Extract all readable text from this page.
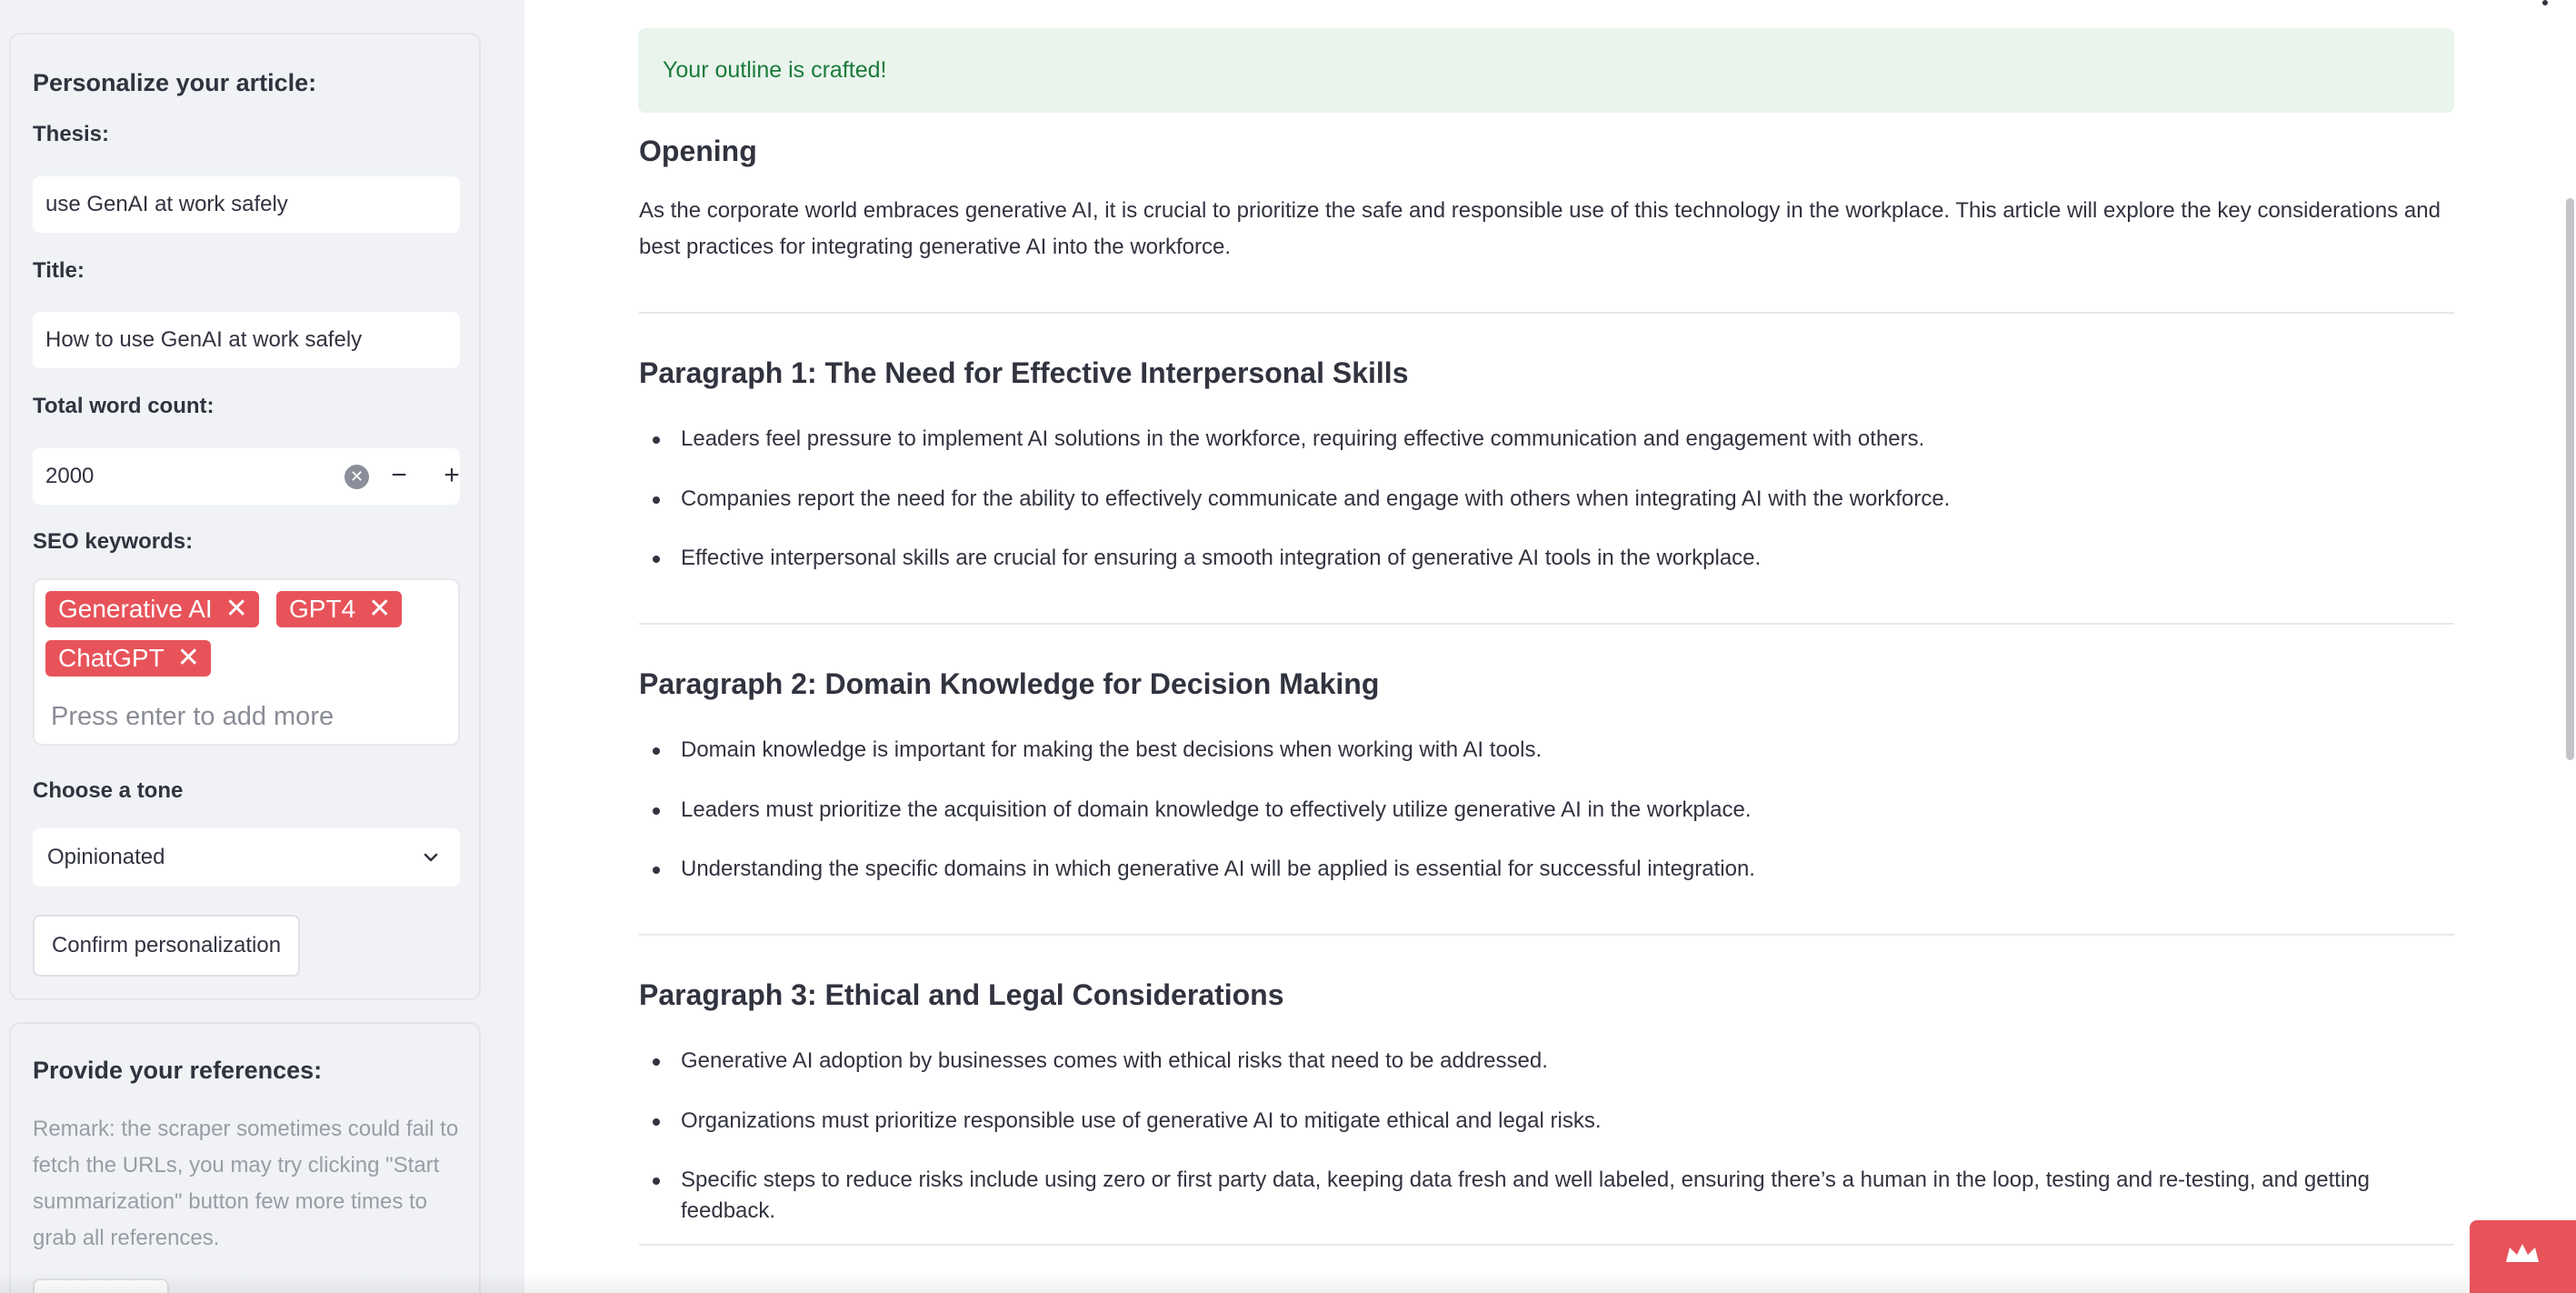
Personalize your article:
Thesis:
use GenAI at work safely
Title:
How to use GenAI at work safely
Total word count:
2000	✕	−	+
SEO keywords:
Generative AI ✕ GPT4 ✕
ChatGPT ✕
Press enter to add more
Choose a tone
Opinionated
Confirm personalization
Provide your references:
Remark: the scraper sometimes could fail to fetch the URLs, you may try clicking "Start summarization" button few more times to grab all references.
Your outline is crafted!
Opening
As the corporate world embraces generative AI, it is crucial to prioritize the safe and responsible use of this technology in the workplace. This article will explore the key considerations and best practices for integrating generative AI into the workforce.
Paragraph 1: The Need for Effective Interpersonal Skills
Leaders feel pressure to implement AI solutions in the workforce, requiring effective communication and engagement with others.
Companies report the need for the ability to effectively communicate and engage with others when integrating AI with the workforce.
Effective interpersonal skills are crucial for ensuring a smooth integration of generative AI tools in the workplace.
Paragraph 2: Domain Knowledge for Decision Making
Domain knowledge is important for making the best decisions when working with AI tools.
Leaders must prioritize the acquisition of domain knowledge to effectively utilize generative AI in the workplace.
Understanding the specific domains in which generative AI will be applied is essential for successful integration.
Paragraph 3: Ethical and Legal Considerations
Generative AI adoption by businesses comes with ethical risks that need to be addressed.
Organizations must prioritize responsible use of generative AI to mitigate ethical and legal risks.
Specific steps to reduce risks include using zero or first party data, keeping data fresh and well labeled, ensuring there’s a human in the loop, testing and re-testing, and getting feedback.
